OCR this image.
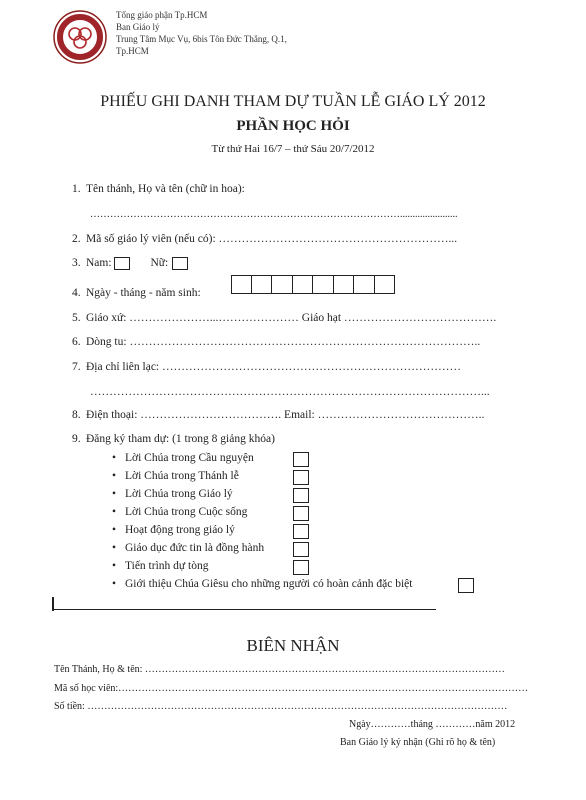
Tổng giáo phận Tp.HCM
Ban Giáo lý
Trung Tâm Mục Vụ, 6bis Tôn Đức Thắng, Q.1,
Tp.HCM
PHIẾU GHI DANH THAM DỰ TUẦN LỄ GIÁO LÝ 2012
PHẦN HỌC HỎI
Từ thứ Hai 16/7 – thứ Sáu 20/7/2012
1. Tên thánh, Họ và tên (chữ in hoa):
………………………………………………………………………………….......................
2. Mã số giáo lý viên (nếu có): ……………………………………………………...
3. Nam:	Nữ:
4. Ngày - tháng - năm sinh:
5. Giáo xứ: …………………...………………… Giáo hạt ………………………………….
6. Dòng tu: ………………………………………………………………………………..
7. Địa chỉ liên lạc: ……………………………………………………………………
…………………………………………………………………………………………...
8. Điện thoại: ………………………………. Email: ……………………………………..
9. Đăng ký tham dự: (1 trong 8 giảng khóa)
• Lời Chúa trong Cầu nguyện
• Lời Chúa trong Thánh lễ
• Lời Chúa trong Giáo lý
• Lời Chúa trong Cuộc sống
• Hoạt động trong giáo lý
• Giáo dục đức tin là đồng hành
• Tiến trình dự tòng
• Giới thiệu Chúa Giêsu cho những người có hoàn cảnh đặc biệt
BIÊN NHẬN
Tên Thánh, Họ & tên: ………………………………………………………………………………………………
Mã số học viên:……………………………………………………………………………………………………………
Số tiền: ………………………………………………………………………………………………………………
Ngày…………tháng …………năm 2012
Ban Giáo lý ký nhận (Ghi rõ họ & tên)
